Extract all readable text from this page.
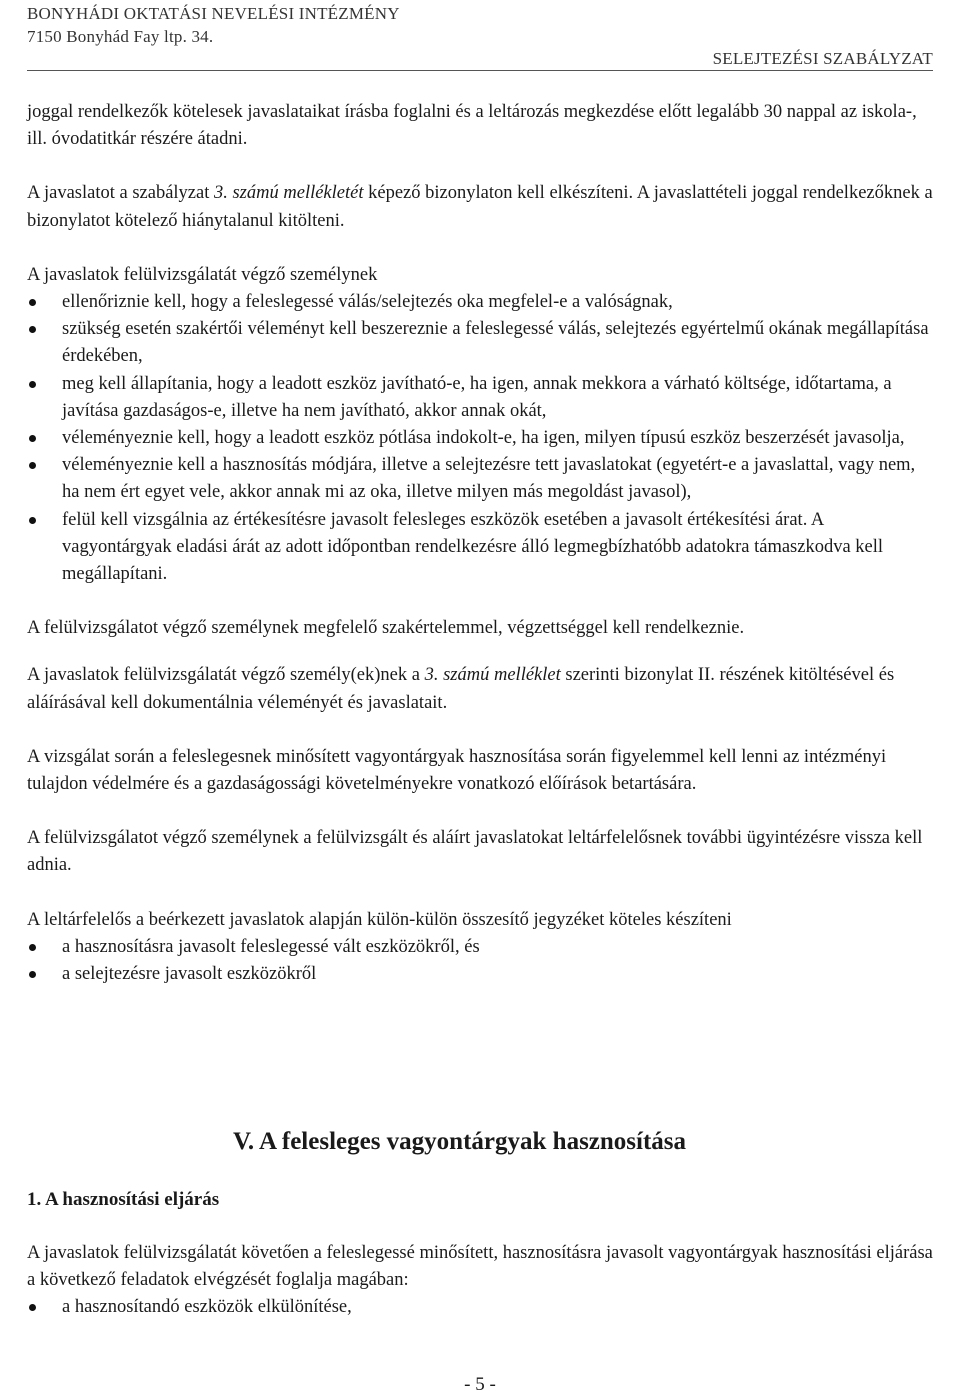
BONYHÁDI OKTATÁSI NEVELÉSI INTÉZMÉNY
7150 Bonyhád Fay ltp. 34.
SELEJTEZÉSI SZABÁLYZAT

joggal rendelkezők kötelesek javaslataikat írásba foglalni és a leltározás megkezdése előtt legalább 30 nappal az iskola-, ill. óvodatitkár részére átadni.

A javaslatot a szabályzat 3. számú mellékletét képező bizonylaton kell elkészíteni. A javaslattételi joggal rendelkezőknek a bizonylatot kötelező hiánytalanul kitölteni.

A javaslatok felülvizsgálatát végző személynek

ellenőriznie kell, hogy a feleslegessé válás/selejtezés oka megfelel-e a valóságnak,
szükség esetén szakértői véleményt kell beszereznie a feleslegessé válás, selejtezés egyértelmű okának megállapítása érdekében,
meg kell állapítania, hogy a leadott eszköz javítható-e, ha igen, annak mekkora a várható költsége, időtartama, a javítása gazdaságos-e, illetve ha nem javítható, akkor annak okát,
véleményeznie kell, hogy a leadott eszköz pótlása indokolt-e, ha igen, milyen típusú eszköz beszerzését javasolja,
véleményeznie kell a hasznosítás módjára, illetve a selejtezésre tett javaslatokat (egyetért-e a javaslattal, vagy nem, ha nem ért egyet vele, akkor annak mi az oka, illetve milyen más megoldást javasol),
felül kell vizsgálnia az értékesítésre javasolt felesleges eszközök esetében a javasolt értékesítési árat. A vagyontárgyak eladási árát az adott időpontban rendelkezésre álló legmegbízhatóbb adatokra támaszkodva kell megállapítani.

A felülvizsgálatot végző személynek megfelelő szakértelemmel, végzettséggel kell rendelkeznie.

A javaslatok felülvizsgálatát végző személy(ek)nek a 3. számú melléklet szerinti bizonylat II. részének kitöltésével és aláírásával kell dokumentálnia véleményét és javaslatait.

A vizsgálat során a feleslegesnek minősített vagyontárgyak hasznosítása során figyelemmel kell lenni az intézményi tulajdon védelmére és a gazdaságossági követelményekre vonatkozó előírások betartására.

A felülvizsgálatot végző személynek a felülvizsgált és aláírt javaslatokat leltárfelelősnek további ügyintézésre vissza kell adnia.

A leltárfelelős a beérkezett javaslatok alapján külön-külön összesítő jegyzéket köteles készíteni

a hasznosításra javasolt feleslegessé vált eszközökről, és
a selejtezésre javasolt eszközökről
V. A felesleges vagyontárgyak hasznosítása
1. A hasznosítási eljárás

A javaslatok felülvizsgálatát követően a feleslegessé minősített, hasznosításra javasolt vagyontárgyak hasznosítási eljárása a következő feladatok elvégzését foglalja magában:

a hasznosítandó eszközök elkülönítése,
- 5 -
